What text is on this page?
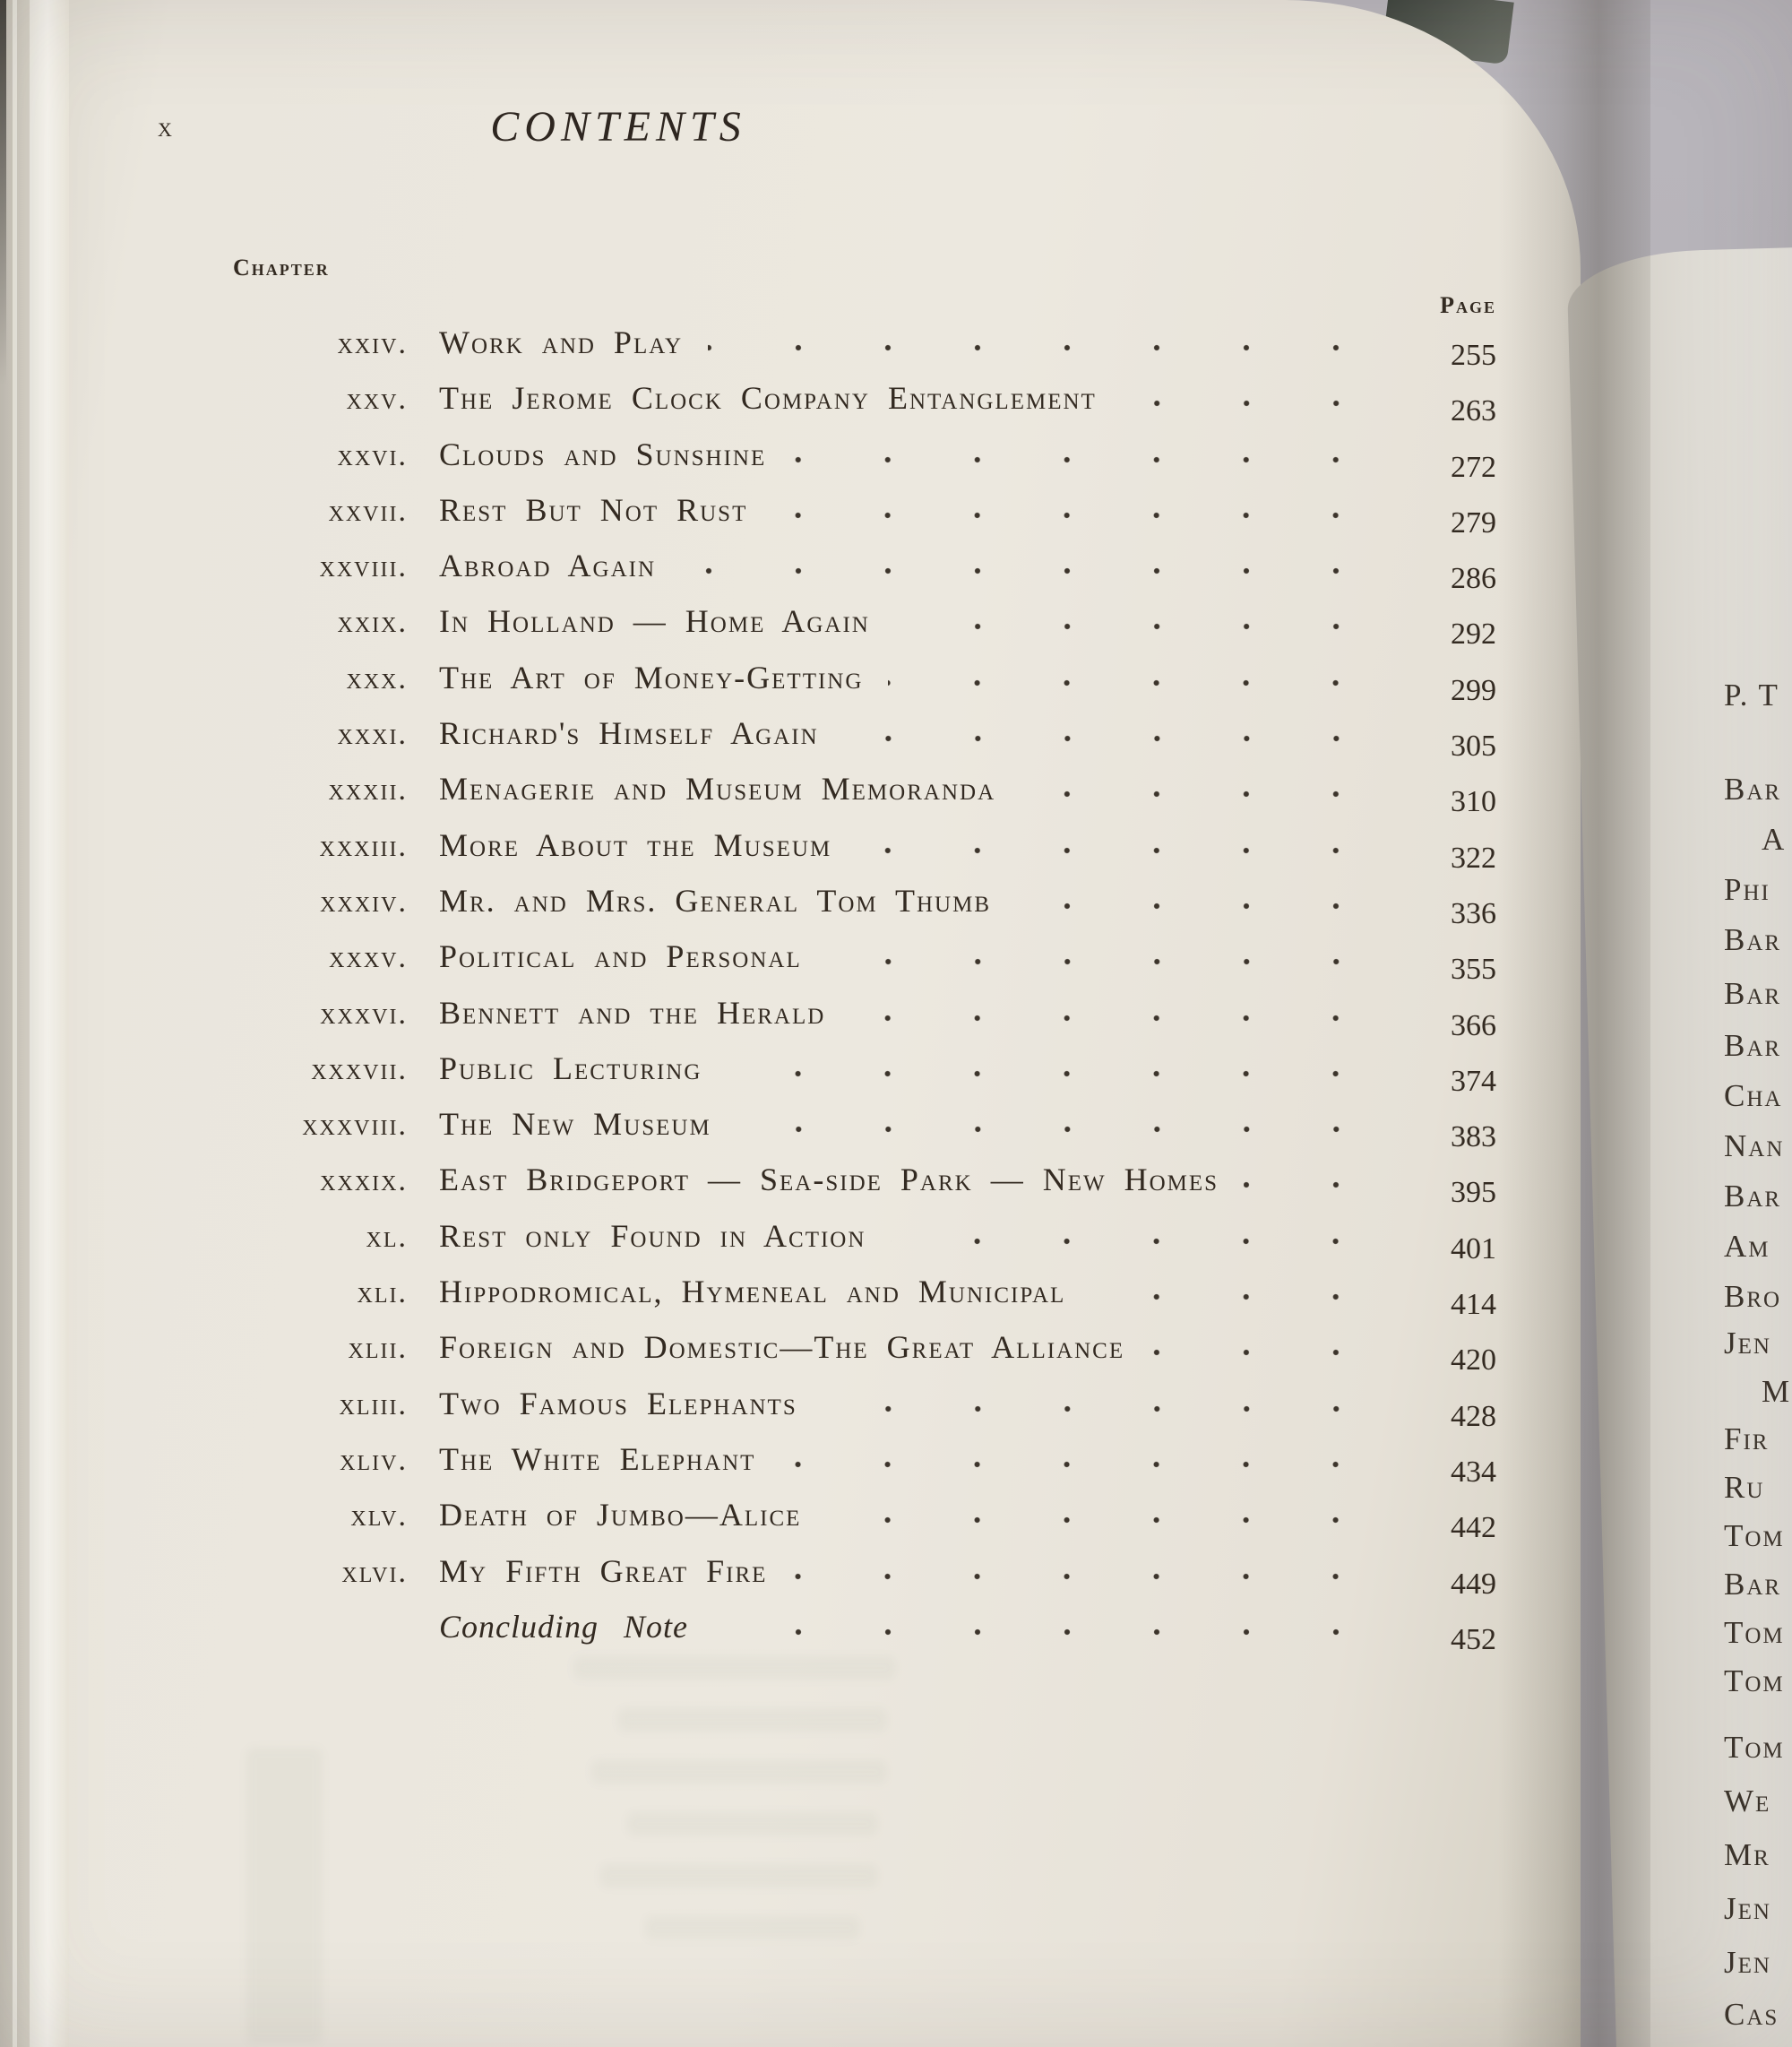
x	CONTENTS
Chapter
Page
xxiv. Work and Play	255
xxv. The Jerome Clock Company Entanglement	263
xxvi. Clouds and Sunshine	272
xxvii. Rest But Not Rust	279
xxviii. Abroad Again	286
xxix. In Holland — Home Again	292
xxx. The Art of Money-Getting	299
xxxi. Richard's Himself Again	305
xxxii. Menagerie and Museum Memoranda	310
xxxiii. More About the Museum	322
xxxiv. Mr. and Mrs. General Tom Thumb	336
xxxv. Political and Personal	355
xxxvi. Bennett and the Herald	366
xxxvii. Public Lecturing	374
xxxviii. The New Museum	383
xxxix. East Bridgeport — Sea-side Park — New Homes	395
xl. Rest only Found in Action	401
xli. Hippodromical, Hymeneal and Municipal	414
xlii. Foreign and Domestic—The Great Alliance	420
xliii. Two Famous Elephants	428
xliv. The White Elephant	434
xlv. Death of Jumbo—Alice	442
xlvi. My Fifth Great Fire	449
Concluding Note	452
P. T
Bar
A
Phi
Bar
Bar
Bar
Cha
Nan
Bar
Am
Bro
Jen
M
Fir
Ru
Tom
Bar
Tom
Tom
Tom
We
Mr
Jen
Jen
Cas
